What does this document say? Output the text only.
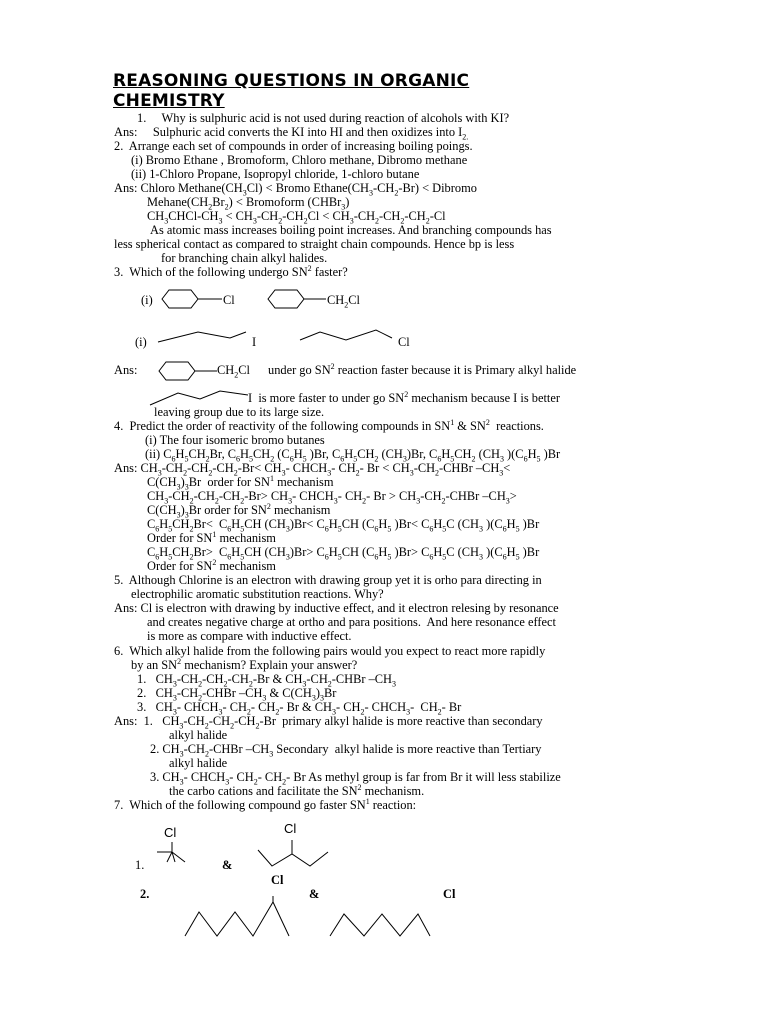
REASONING QUESTIONS IN ORGANIC
CHEMISTRY
1.     Why is sulphuric acid is not used during reaction of alcohols with KI?
Ans:     Sulphuric acid converts the KI into HI and then oxidizes into $I_{2.}$
2.  Arrange each set of compounds in order of increasing boiling poings.
(i) Bromo Ethane , Bromoform, Chloro methane, Dibromo methane
(ii) 1-Chloro Propane, Isopropyl chloride, 1-chloro butane
Ans: Chloro $Methane(CH_3Cl)$ < Bromo $Ethane(CH_3-CH_2-Br)$ < Dibromo
$Mehane(CH_2Br_2)$ < Bromoform (CHBr$_3$)
$CH_3CHCl-CH_3 < CH_3-CH_2-CH_2Cl < CH_3-CH_2-CH_2-CH_2-Cl$
As atomic mass increases boiling point increases. And branching compounds has
less spherical contact as compared to straight chain compounds. Hence bp is less
for branching chain alkyl halides.
3.  Which of the following undergo $SN^2$ faster?
(i)	Cl	$CH_2Cl$
(i)	I	Cl
Ans:	$CH_2Cl$ under go $SN^2$ reaction faster because it is Primary alkyl halide
I  is more faster to under go $SN^2$ mechanism because I is better
leaving group due to its large size.
4.  Predict the order of reactivity of the following compounds in $SN^1$ & $SN^2$  reactions.
(i) The four isomeric bromo butanes
(ii) $C_6H_5CH_2Br$, $C_6H_5CH_2$ ($C_6H_5$ )Br, $C_6H_5CH_2$ $(CH_3)Br$, $C_6H_5CH_2$ ($CH_3$ )($C_6H_5$ )Br
Ans: $CH_3-CH_2-CH_2-CH_2-Br< CH_3-$ $CHCH_3-$ $CH_2-$ $Br < CH_3-CH_2$-CHBr $-CH_3<$
$C(CH_3)_3Br$  order for $SN^1$ mechanism
$CH_3-CH_2-CH_2-CH_2-Br> CH_3-$ $CHCH_3-$ $CH_2-$ $Br > CH_3-CH_2$-CHBr $-CH_3>$
$C(CH_3)_3Br$ order for $SN^2$ mechanism
$C_6H_5CH_2Br< C_6H_5CH$ $(CH_3)Br< C_6H_5CH$ ($C_6H_5$ )$Br< C_6H_5C$ ($CH_3$ )($C_6H_5$ )Br
Order for $SN^1$ mechanism
$C_6H_5CH_2Br> C_6H_5CH$ $(CH_3)Br> C_6H_5CH$ ($C_6H_5$ )$Br> C_6H_5C$ ($CH_3$ )($C_6H_5$ )Br
Order for $SN^2$ mechanism
5.  Although Chlorine is an electron with drawing group yet it is orho para directing in
electrophilic aromatic substitution reactions. Why?
Ans: Cl is electron with drawing by inductive effect, and it electron relesing by resonance
and creates negative charge at ortho and para positions.  And here resonance effect
is more as compare with inductive effect.
6.  Which alkyl halide from the following pairs would you expect to react more rapidly
by an $SN^2$ mechanism? Explain your answer?
1.   $CH_3-CH_2-CH_2-CH_2-Br$ & $CH_3-CH_2$-CHBr $-CH_3$
2.   $CH_3-CH_2$-CHBr $-CH_3$ & $C(CH_3)_3Br$
3.   $CH_3-$ $CHCH_3-$ $CH_2-$ $CH_2-$ Br & $CH_3-$ $CH_2-$ $CHCH_3-$  $CH_2-$ Br
Ans:  1.   $CH_3-CH_2-CH_2-CH_2-Br$  primary alkyl halide is more reactive than secondary
alkyl halide
2. $CH_3-CH_2$-CHBr $-CH_3$ Secondary  alkyl halide is more reactive than Tertiary
alkyl halide
3. $CH_3-$ $CHCH_3-$ $CH_2-$ $CH_2-$ Br As methyl group is far from Br it will less stabilize
the carbo cations and facilitate the $SN^2$ mechanism.
7.  Which of the following compound go faster $SN^1$ reaction:
Cl
1.	&
Cl
Cl
2.	&	Cl
